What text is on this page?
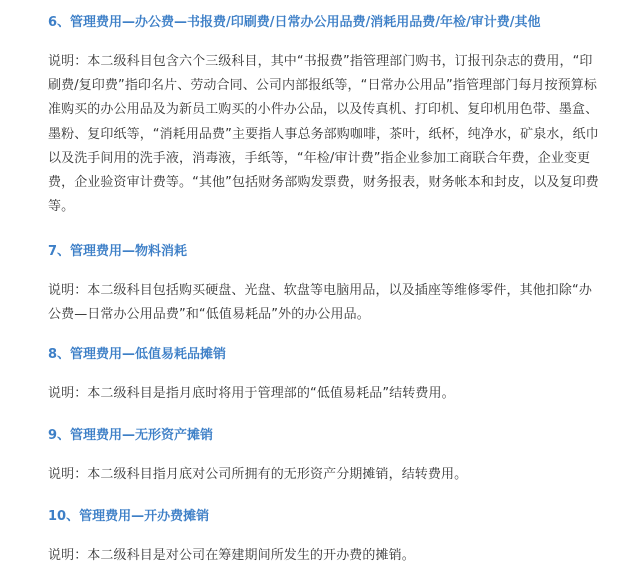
6、管理费用—办公费—书报费/印刷费/日常办公用品费/消耗用品费/年检/审计费/其他

说明：本二级科目包含六个三级科目，其中“书报费”指管理部门购书，订报刊杂志的费用，“印刷费/复印费”指印名片、劳动合同、公司内部报纸等，“日常办公用品”指管理部门每月按预算标准购买的办公用品及为新员工购买的小件办公品，以及传真机、打印机、复印机用色带、墨盒、墨粉、复印纸等，“消耗用品费”主要指人事总务部购咖啡，茶叶，纸杯，纯净水，矿泉水，纸巾以及洗手间用的洗手液，消毒液，手纸等，“年检/审计费”指企业参加工商联合年费，企业变更费，企业验资审计费等。“其他”包括财务部购发票费，财务报表，财务帐本和封皮，以及复印费等。

7、管理费用—物料消耗

说明：本二级科目包括购买硬盘、光盘、软盘等电脑用品，以及插座等维修零件，其他扣除“办公费—日常办公用品费”和“低值易耗品”外的办公用品。

8、管理费用—低值易耗品摊销

说明：本二级科目是指月底时将用于管理部的“低值易耗品”结转费用。

9、管理费用—无形资产摊销

说明：本二级科目指月底对公司所拥有的无形资产分期摊销，结转费用。

10、管理费用—开办费摊销

说明：本二级科目是对公司在筹建期间所发生的开办费的摊销。
